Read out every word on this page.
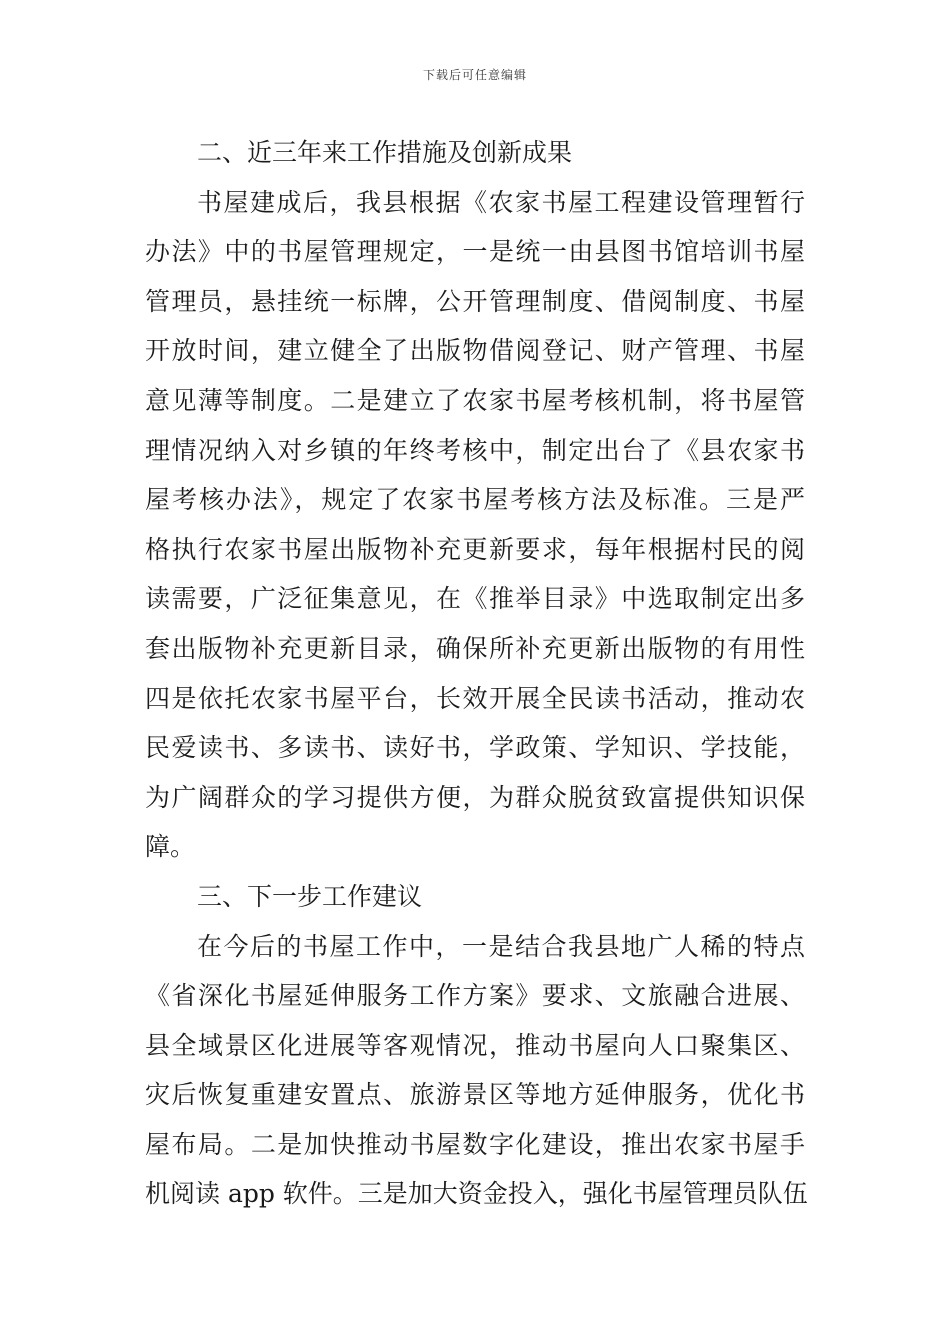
下载后可任意编辑
二、近三年来工作措施及创新成果
书屋建成后，我县根据《农家书屋工程建设管理暂行
办法》中的书屋管理规定，一是统一由县图书馆培训书屋
管理员，悬挂统一标牌，公开管理制度、借阅制度、书屋
开放时间，建立健全了出版物借阅登记、财产管理、书屋
意见薄等制度。二是建立了农家书屋考核机制，将书屋管
理情况纳入对乡镇的年终考核中，制定出台了《县农家书
屋考核办法》，规定了农家书屋考核方法及标准。三是严
格执行农家书屋出版物补充更新要求，每年根据村民的阅
读需要，广泛征集意见，在《推举目录》中选取制定出多
套出版物补充更新目录，确保所补充更新出版物的有用性
四是依托农家书屋平台，长效开展全民读书活动，推动农
民爱读书、多读书、读好书，学政策、学知识、学技能，
为广阔群众的学习提供方便，为群众脱贫致富提供知识保
障。
三、下一步工作建议
在今后的书屋工作中，一是结合我县地广人稀的特点
《省深化书屋延伸服务工作方案》要求、文旅融合进展、
县全域景区化进展等客观情况，推动书屋向人口聚集区、
灾后恢复重建安置点、旅游景区等地方延伸服务，优化书
屋布局。二是加快推动书屋数字化建设，推出农家书屋手
机阅读 app 软件。三是加大资金投入，强化书屋管理员队伍
